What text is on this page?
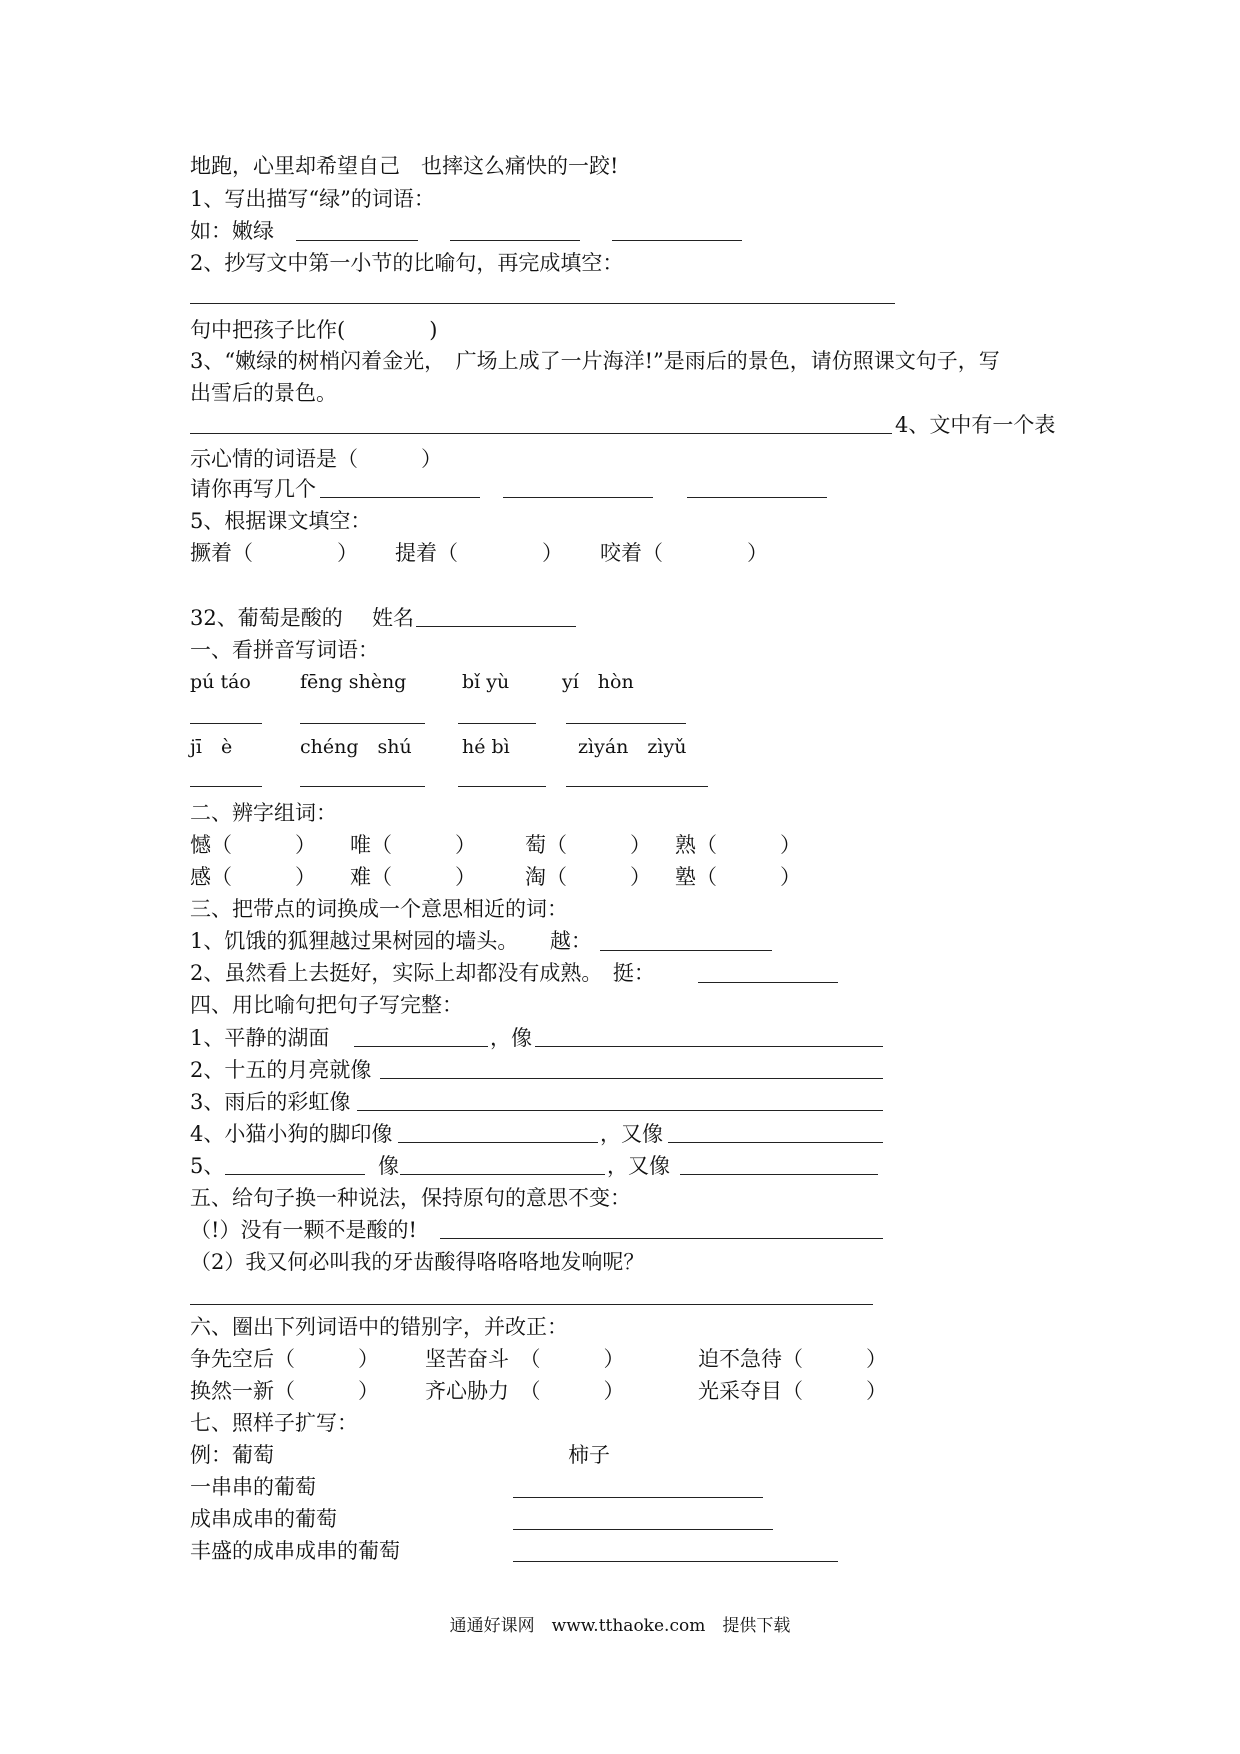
地跑，心里却希望自己　也摔这么痛快的一跤!
1、写出描写“绿”的词语：
如：嫩绿
2、抄写文中第一小节的比喻句，再完成填空：
句中把孩子比作(　　　　)
3、“嫩绿的树梢闪着金光，　广场上成了一片海洋!”是雨后的景色，请仿照课文句子，写
出雪后的景色。
4、文中有一个表
示心情的词语是（　　　）
请你再写几个
5、根据课文填空：
撅着（　　　　） 提着（　　　　） 咬着（　　　　）
32、葡萄是酸的 姓名
一、看拼音写词语：
pú táo	fēng shèng	bǐ yù	yí　hòn
jī　è	chéng　shú	hé bì	zìyán　zìyǔ
二、辨字组词：
憾（　　　） 唯（　　　） 萄（　　　） 熟（　　　）
感（　　　） 难（　　　） 淘（　　　） 塾（　　　）
三、把带点的词换成一个意思相近的词：
1、饥饿的狐狸越过果树园的墙头。　　越：
2、虽然看上去挺好，实际上却都没有成熟。　挺：
四、用比喻句把句子写完整：
1、平静的湖面	，像
2、十五的月亮就像
3、雨后的彩虹像
4、小猫小狗的脚印像	，又像
5、	像	，又像
五、给句子换一种说法，保持原句的意思不变：
（!）没有一颗不是酸的!
（2）我又何必叫我的牙齿酸得咯咯咯地发响呢？
六、圈出下列词语中的错别字，并改正：
争先空后（　　　） 坚苦奋斗　（　　　）	迫不急待（　　　）
换然一新（　　　） 齐心胁力　（　　　）	光采夺目（　　　）
七、照样子扩写：
例：葡萄	柿子
一串串的葡萄
成串成串的葡萄
丰盛的成串成串的葡萄
通通好课网　www.tthaoke.com　提供下载
